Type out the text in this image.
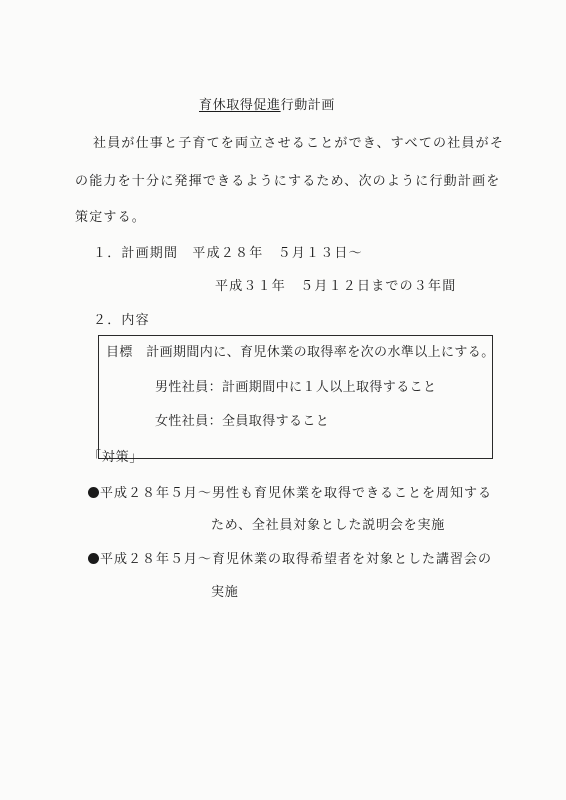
育休取得促進行動計画
社員が仕事と子育てを両立させることができ、すべての社員がそ
の能力を十分に発揮できるようにするため、次のように行動計画を
策定する。
１．計画期間　平成２８年　５月１３日～
平成３１年　５月１２日までの３年間
２．内容
目標　計画期間内に、育児休業の取得率を次の水準以上にする。
男性社員：計画期間中に１人以上取得すること
女性社員：全員取得すること
「対策」
平成２８年５月～男性も育児休業を取得できることを周知する
ため、全社員対象とした説明会を実施
平成２８年５月～育児休業の取得希望者を対象とした講習会の
実施
